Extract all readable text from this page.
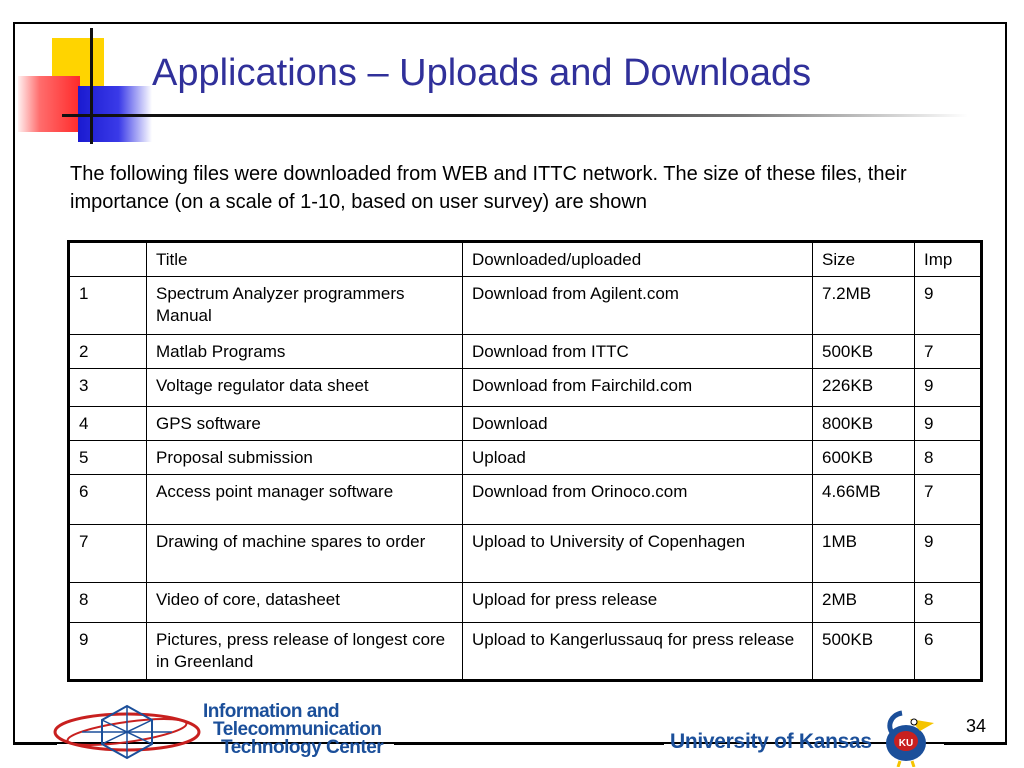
Applications – Uploads and Downloads

The following files were downloaded from WEB and ITTC network. The size of these files, their importance (on a scale of 1-10, based on user survey) are shown

	Title	Downloaded/uploaded	Size	Imp
1	Spectrum Analyzer programmers Manual	Download from Agilent.com	7.2MB	9
2	Matlab Programs	Download from ITTC	500KB	7
3	Voltage regulator data sheet	Download from Fairchild.com	226KB	9
4	GPS software	Download	800KB	9
5	Proposal submission	Upload	600KB	8
6	Access point manager software	Download from Orinoco.com	4.66MB	7
7	Drawing of machine spares to order	Upload to University of Copenhagen	1MB	9
8	Video of core, datasheet	Upload for press release	2MB	8
9	Pictures, press release of longest core in Greenland	Upload to Kangerlussauq for press release	500KB	6
Information and
Telecommunication
Technology Center	University of Kansas	KU
34
